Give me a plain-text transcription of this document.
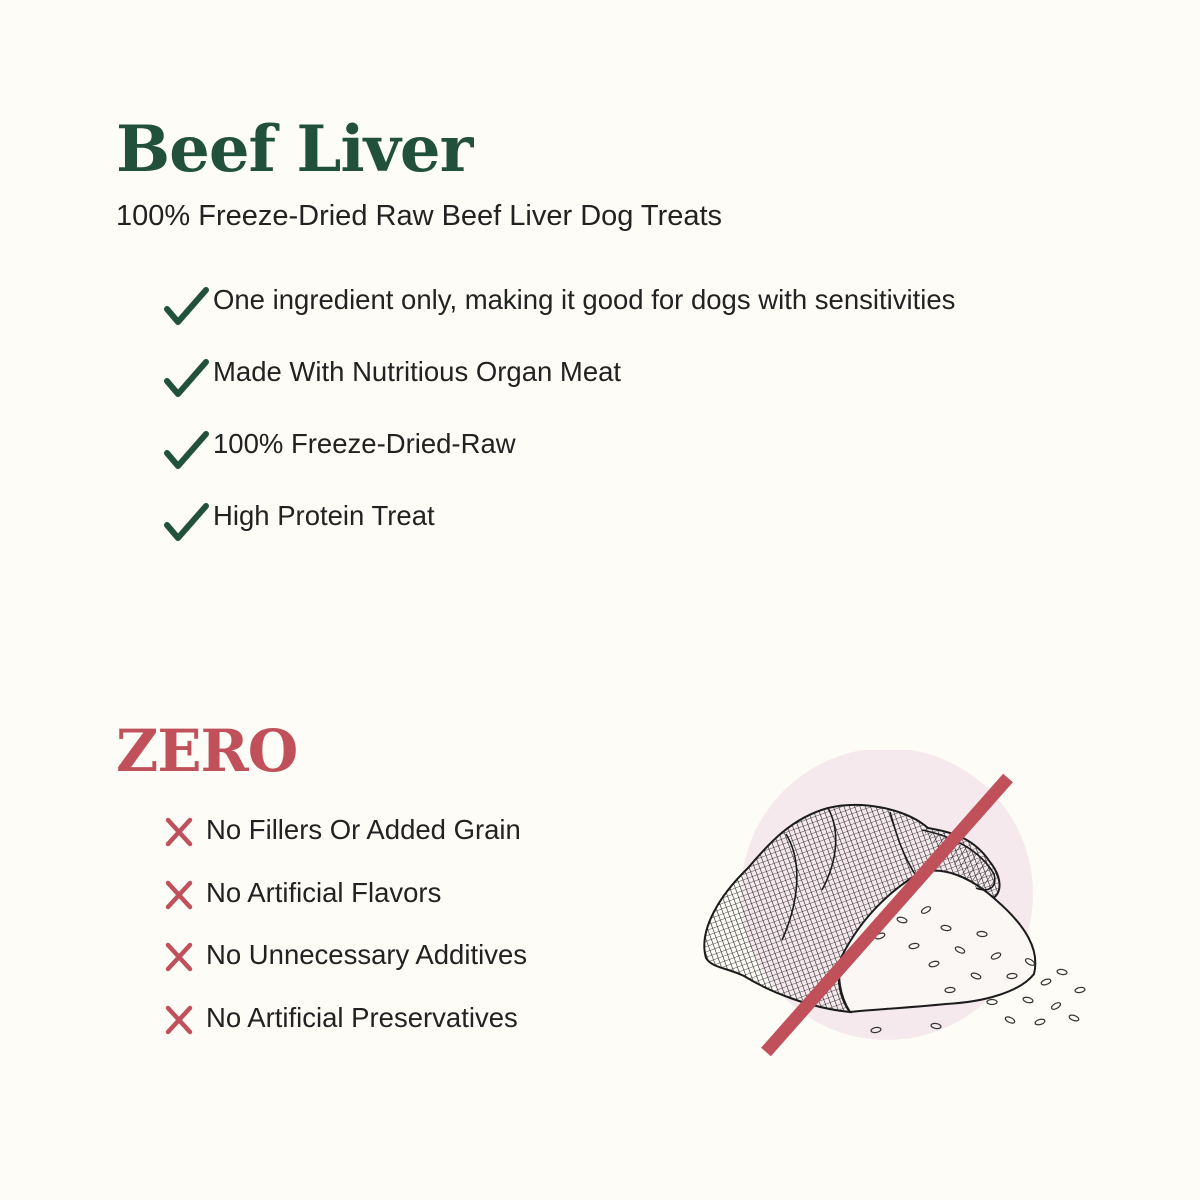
Beef Liver
100% Freeze-Dried Raw Beef Liver Dog Treats
One ingredient only, making it good for dogs with sensitivities
Made With Nutritious Organ Meat
100% Freeze-Dried-Raw
High Protein Treat
ZERO
No Fillers Or Added Grain
No Artificial Flavors
No Unnecessary Additives
No Artificial Preservatives
